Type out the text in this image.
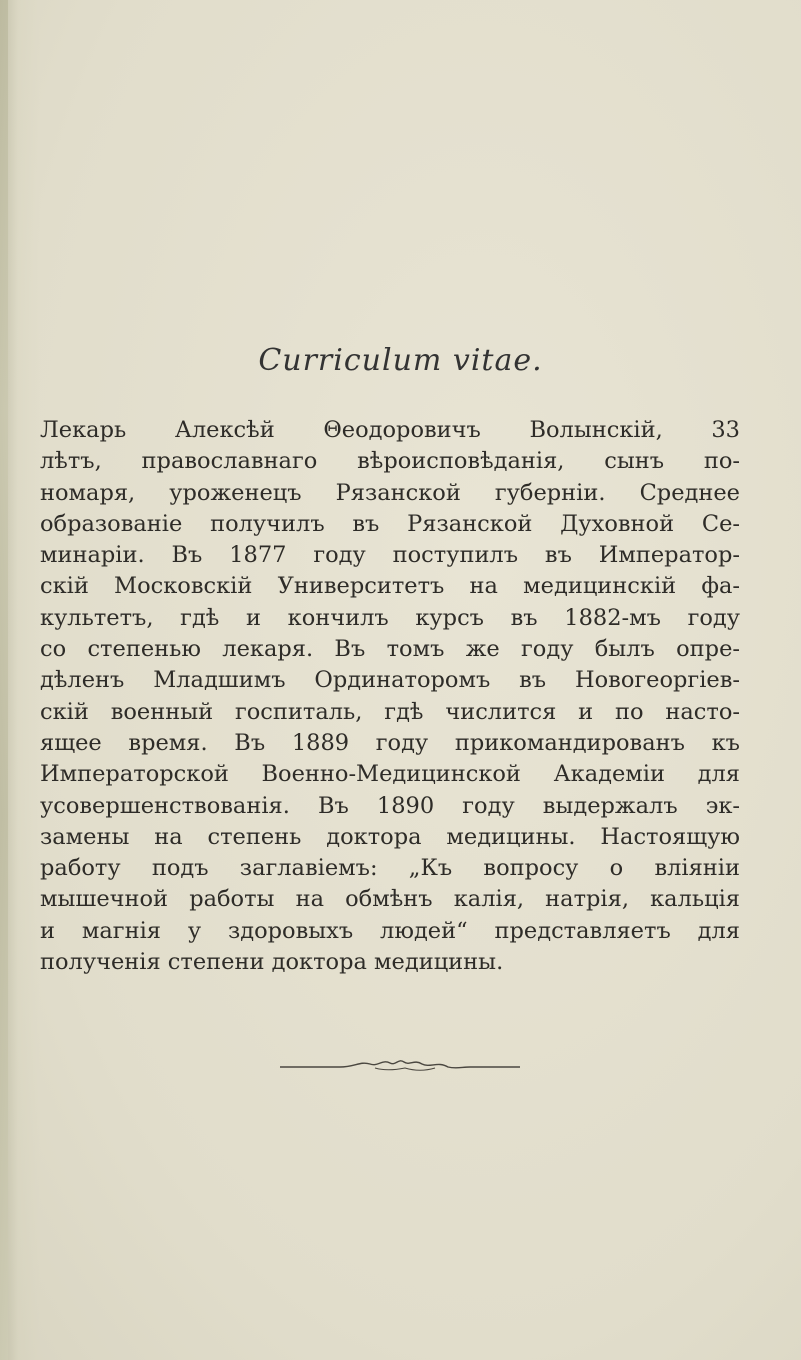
Curriculum vitae.
Лекарь Алексѣй Θеодоровичъ Волынскій, 33
лѣтъ, православнаго вѣроисповѣданія, сынъ по-
номаря, уроженецъ Рязанской губерніи. Среднее
образованіе получилъ въ Рязанской Духовной Се-
минаріи. Въ 1877 году поступилъ въ Император-
скій Московскій Университетъ на медицинскій фа-
культетъ, гдѣ и кончилъ курсъ въ 1882-мъ году
со степенью лекаря. Въ томъ же году былъ опре-
дѣленъ Младшимъ Ординаторомъ въ Новогеоргіев-
скій военный госпиталь, гдѣ числится и по насто-
ящее время. Въ 1889 году прикомандированъ къ
Императорской Военно-Медицинской Академіи для
усовершенствованія. Въ 1890 году выдержалъ эк-
замены на степень доктора медицины. Настоящую
работу подъ заглавіемъ: „Къ вопросу о вліяніи
мышечной работы на обмѣнъ калія, натрія, кальція
и магнія у здоровыхъ людей“ представляетъ для
полученія степени доктора медицины.
